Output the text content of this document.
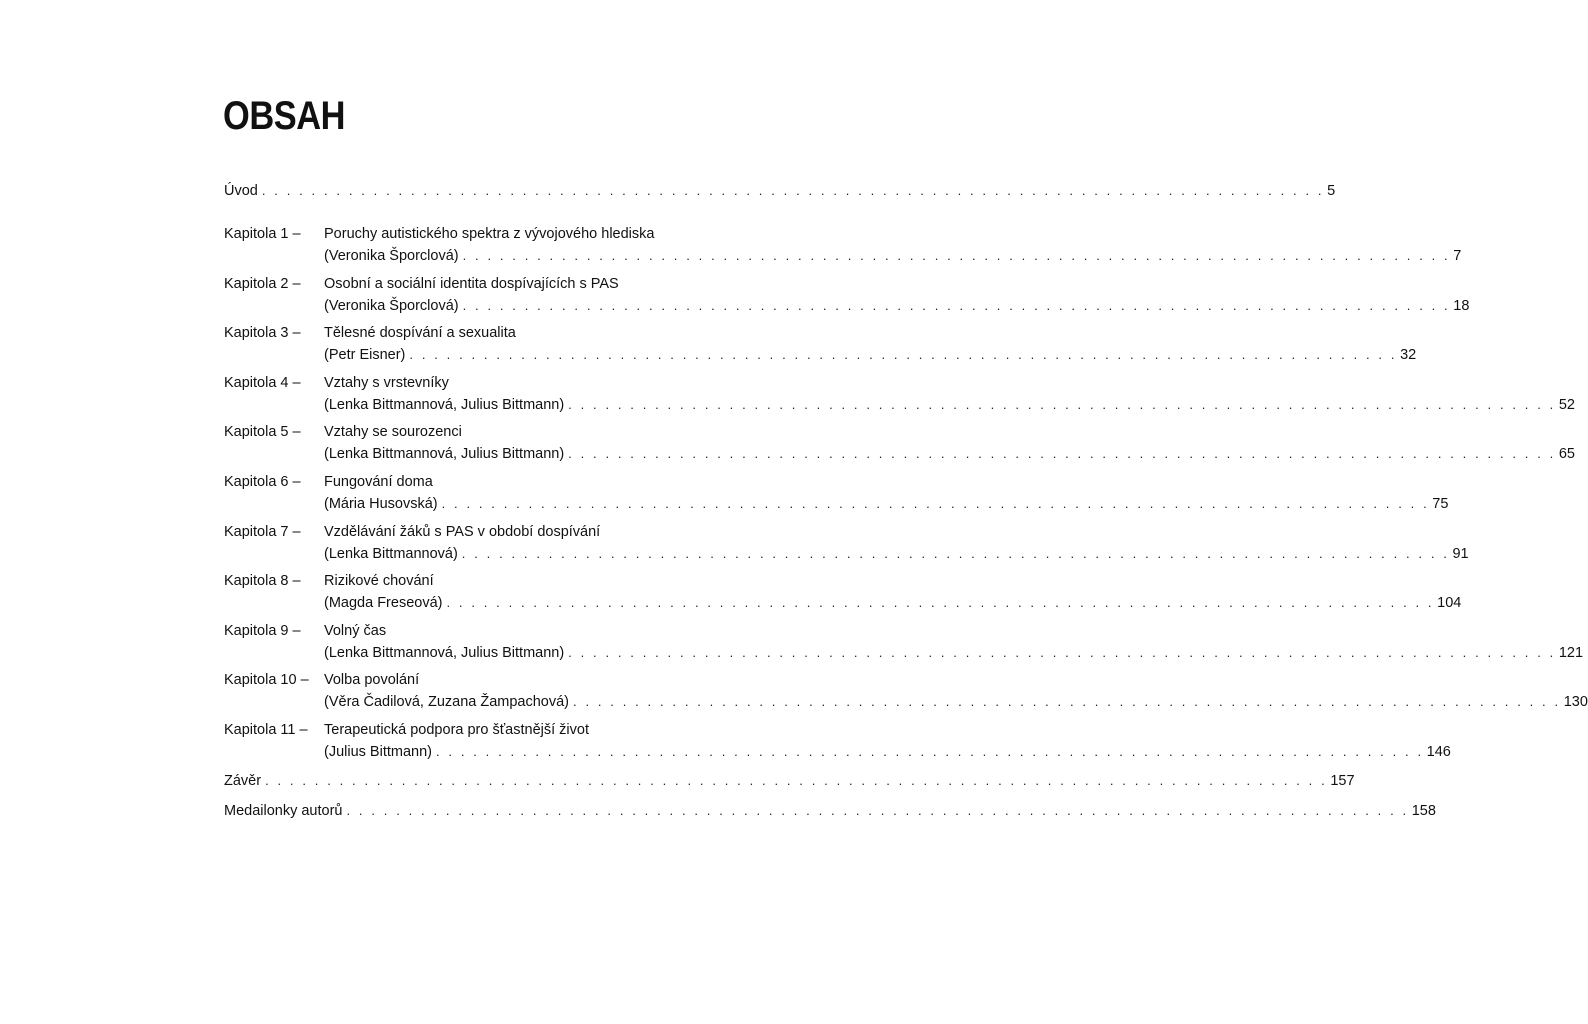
OBSAH
Úvod . . . . . . . . . . . . . . . . . . . . . . . . . . . . . . . . . . . . . . . . . . . . . . . . . . . . . . . . . . . . . . . . . . . . . . . . . . . . . . . . . . . . . . 5
Kapitola 1 –	Poruchy autistického spektra z vývojového hlediska
(Veronika Šporclová) . . . . . . . . . . . . . . . . . . . . . . . . . . . . . . . . . . . . . . . . . . . . . . . . . . . . . . . . . . . . . . . . . . . . . . . . . . . . . . . . 7
Kapitola 2 –	Osobní a sociální identita dospívajících s PAS
(Veronika Šporclová) . . . . . . . . . . . . . . . . . . . . . . . . . . . . . . . . . . . . . . . . . . . . . . . . . . . . . . . . . . . . . . . . . . . . . . . . . . . . . . . . 18
Kapitola 3 –	Tělesné dospívání a sexualita
(Petr Eisner) . . . . . . . . . . . . . . . . . . . . . . . . . . . . . . . . . . . . . . . . . . . . . . . . . . . . . . . . . . . . . . . . . . . . . . . . . . . . . . . . 32
Kapitola 4 –	Vztahy s vrstevníky
(Lenka Bittmannová, Julius Bittmann) . . . . . . . . . . . . . . . . . . . . . . . . . . . . . . . . . . . . . . . . . . . . . . . . . . . . . . . . . . . . . . . . . . . . . . . . . . . . . . . . 52
Kapitola 5 –	Vztahy se sourozenci
(Lenka Bittmannová, Julius Bittmann) . . . . . . . . . . . . . . . . . . . . . . . . . . . . . . . . . . . . . . . . . . . . . . . . . . . . . . . . . . . . . . . . . . . . . . . . . . . . . . . . 65
Kapitola 6 –	Fungování doma
(Mária Husovská) . . . . . . . . . . . . . . . . . . . . . . . . . . . . . . . . . . . . . . . . . . . . . . . . . . . . . . . . . . . . . . . . . . . . . . . . . . . . . . . . 75
Kapitola 7 –	Vzdělávání žáků s PAS v období dospívání
(Lenka Bittmannová) . . . . . . . . . . . . . . . . . . . . . . . . . . . . . . . . . . . . . . . . . . . . . . . . . . . . . . . . . . . . . . . . . . . . . . . . . . . . . . . . 91
Kapitola 8 –	Rizikové chování
(Magda Freseová) . . . . . . . . . . . . . . . . . . . . . . . . . . . . . . . . . . . . . . . . . . . . . . . . . . . . . . . . . . . . . . . . . . . . . . . . . . . . . . . . 104
Kapitola 9 –	Volný čas
(Lenka Bittmannová, Julius Bittmann) . . . . . . . . . . . . . . . . . . . . . . . . . . . . . . . . . . . . . . . . . . . . . . . . . . . . . . . . . . . . . . . . . . . . . . . . . . . . . . . . 121
Kapitola 10 –	Volba povolání
(Věra Čadilová, Zuzana Žampachová) . . . . . . . . . . . . . . . . . . . . . . . . . . . . . . . . . . . . . . . . . . . . . . . . . . . . . . . . . . . . . . . . . . . . . . . . . . . . . . . . 130
Kapitola 11 –	Terapeutická podpora pro šťastnější život
(Julius Bittmann) . . . . . . . . . . . . . . . . . . . . . . . . . . . . . . . . . . . . . . . . . . . . . . . . . . . . . . . . . . . . . . . . . . . . . . . . . . . . . . . . 146
Závěr . . . . . . . . . . . . . . . . . . . . . . . . . . . . . . . . . . . . . . . . . . . . . . . . . . . . . . . . . . . . . . . . . . . . . . . . . . . . . . . . . . . . . . 157
Medailonky autorů . . . . . . . . . . . . . . . . . . . . . . . . . . . . . . . . . . . . . . . . . . . . . . . . . . . . . . . . . . . . . . . . . . . . . . . . . . . . . . . . . . . . . . 158
